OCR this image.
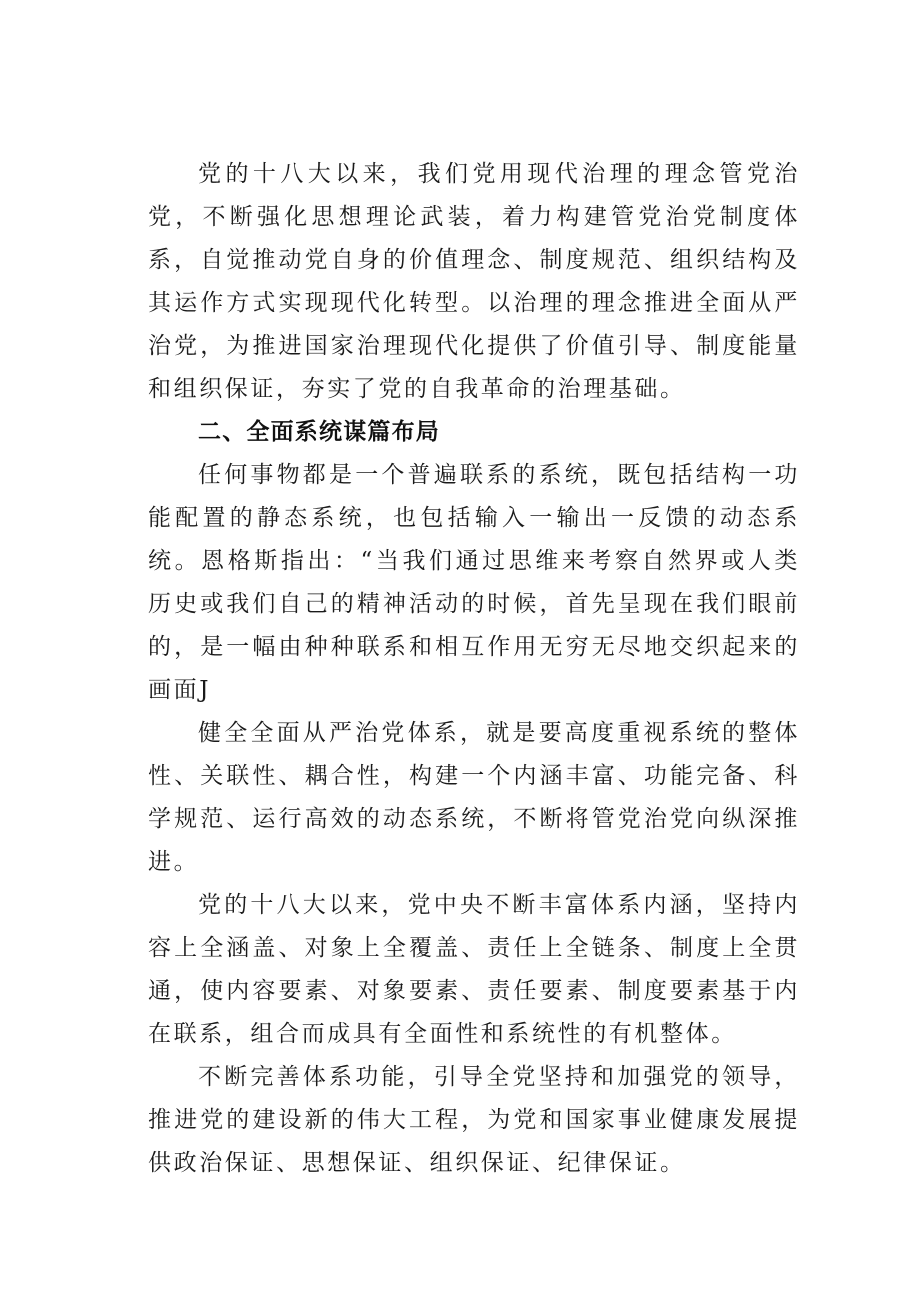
党的十八大以来，我们党用现代治理的理念管党治党，不断强化思想理论武装，着力构建管党治党制度体系，自觉推动党自身的价值理念、制度规范、组织结构及其运作方式实现现代化转型。以治理的理念推进全面从严治党，为推进国家治理现代化提供了价值引导、制度能量和组织保证，夯实了党的自我革命的治理基础。

二、全面系统谋篇布局

任何事物都是一个普遍联系的系统，既包括结构一功能配置的静态系统，也包括输入一输出一反馈的动态系统。恩格斯指出：“当我们通过思维来考察自然界或人类历史或我们自己的精神活动的时候，首先呈现在我们眼前的，是一幅由种种联系和相互作用无穷无尽地交织起来的画面J

健全全面从严治党体系，就是要高度重视系统的整体性、关联性、耦合性，构建一个内涵丰富、功能完备、科学规范、运行高效的动态系统，不断将管党治党向纵深推进。

党的十八大以来，党中央不断丰富体系内涵，坚持内容上全涵盖、对象上全覆盖、责任上全链条、制度上全贯通，使内容要素、对象要素、责任要素、制度要素基于内在联系，组合而成具有全面性和系统性的有机整体。

不断完善体系功能，引导全党坚持和加强党的领导，推进党的建设新的伟大工程，为党和国家事业健康发展提供政治保证、思想保证、组织保证、纪律保证。
